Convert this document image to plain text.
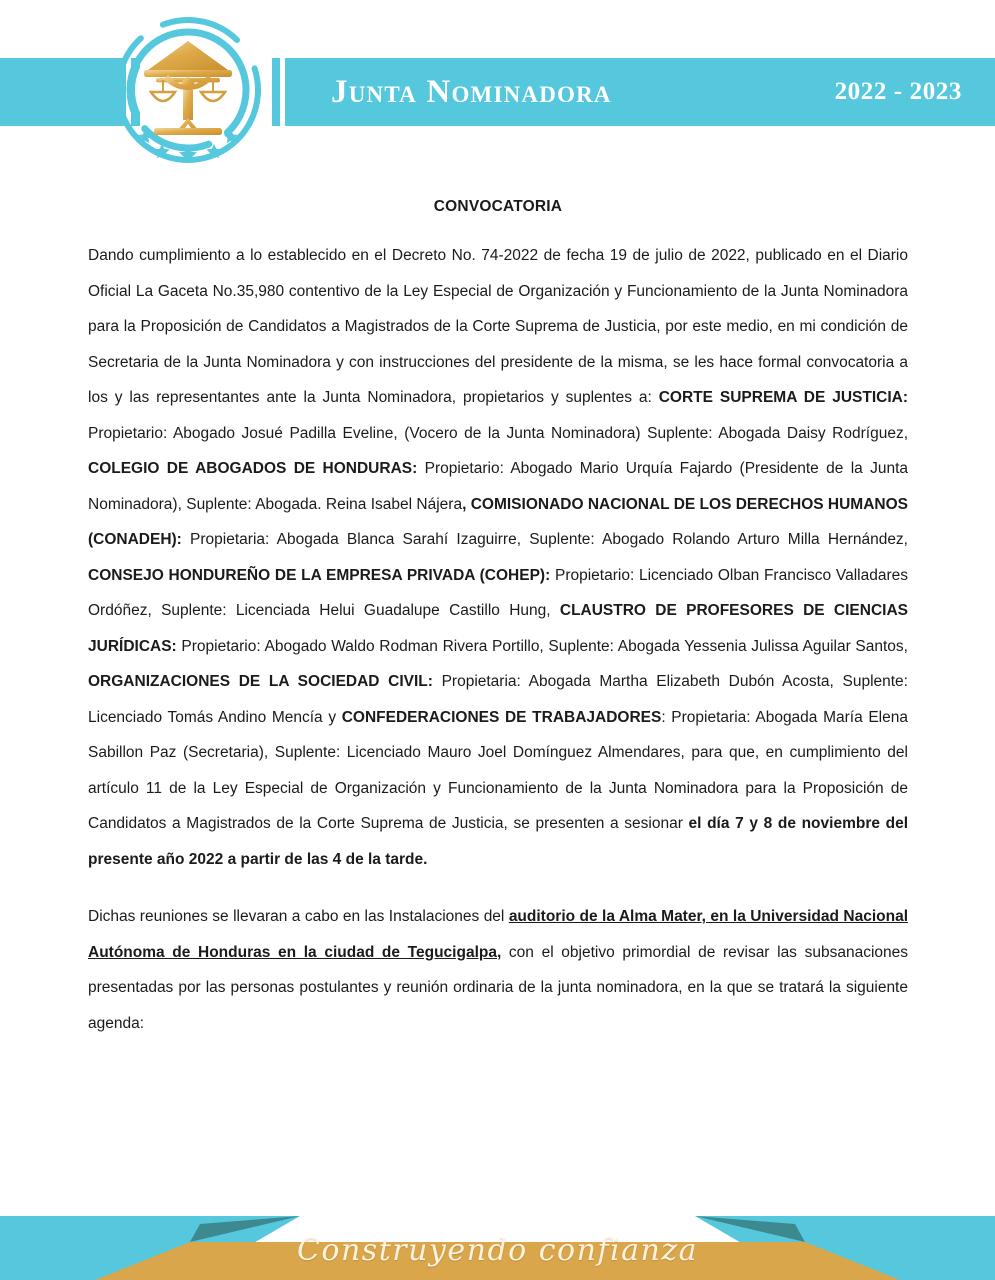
Junta Nominadora	2022 - 2023
CONVOCATORIA

Dando cumplimiento a lo establecido en el Decreto No. 74-2022 de fecha 19 de julio de 2022, publicado en el Diario Oficial La Gaceta No.35,980 contentivo de la Ley Especial de Organización y Funcionamiento de la Junta Nominadora para la Proposición de Candidatos a Magistrados de la Corte Suprema de Justicia, por este medio, en mi condición de Secretaria de la Junta Nominadora y con instrucciones del presidente de la misma, se les hace formal convocatoria a los y las representantes ante la Junta Nominadora, propietarios y suplentes a: CORTE SUPREMA DE JUSTICIA: Propietario: Abogado Josué Padilla Eveline, (Vocero de la Junta Nominadora) Suplente: Abogada Daisy Rodríguez, COLEGIO DE ABOGADOS DE HONDURAS: Propietario: Abogado Mario Urquía Fajardo (Presidente de la Junta Nominadora), Suplente: Abogada. Reina Isabel Nájera, COMISIONADO NACIONAL DE LOS DERECHOS HUMANOS (CONADEH): Propietaria: Abogada Blanca Sarahí Izaguirre, Suplente: Abogado Rolando Arturo Milla Hernández, CONSEJO HONDUREÑO DE LA EMPRESA PRIVADA (COHEP): Propietario: Licenciado Olban Francisco Valladares Ordóñez, Suplente: Licenciada Helui Guadalupe Castillo Hung, CLAUSTRO DE PROFESORES DE CIENCIAS JURÍDICAS: Propietario: Abogado Waldo Rodman Rivera Portillo, Suplente: Abogada Yessenia Julissa Aguilar Santos, ORGANIZACIONES DE LA SOCIEDAD CIVIL: Propietaria: Abogada Martha Elizabeth Dubón Acosta, Suplente: Licenciado Tomás Andino Mencía y CONFEDERACIONES DE TRABAJADORES: Propietaria: Abogada María Elena Sabillon Paz (Secretaria), Suplente: Licenciado Mauro Joel Domínguez Almendares, para que, en cumplimiento del artículo 11 de la Ley Especial de Organización y Funcionamiento de la Junta Nominadora para la Proposición de Candidatos a Magistrados de la Corte Suprema de Justicia, se presenten a sesionar el día 7 y 8 de noviembre del presente año 2022 a partir de las 4 de la tarde.

Dichas reuniones se llevaran a cabo en las Instalaciones del auditorio de la Alma Mater, en la Universidad Nacional Autónoma de Honduras en la ciudad de Tegucigalpa, con el objetivo primordial de revisar las subsanaciones presentadas por las personas postulantes y reunión ordinaria de la junta nominadora, en la que se tratará la siguiente agenda:

Construyendo confianza
